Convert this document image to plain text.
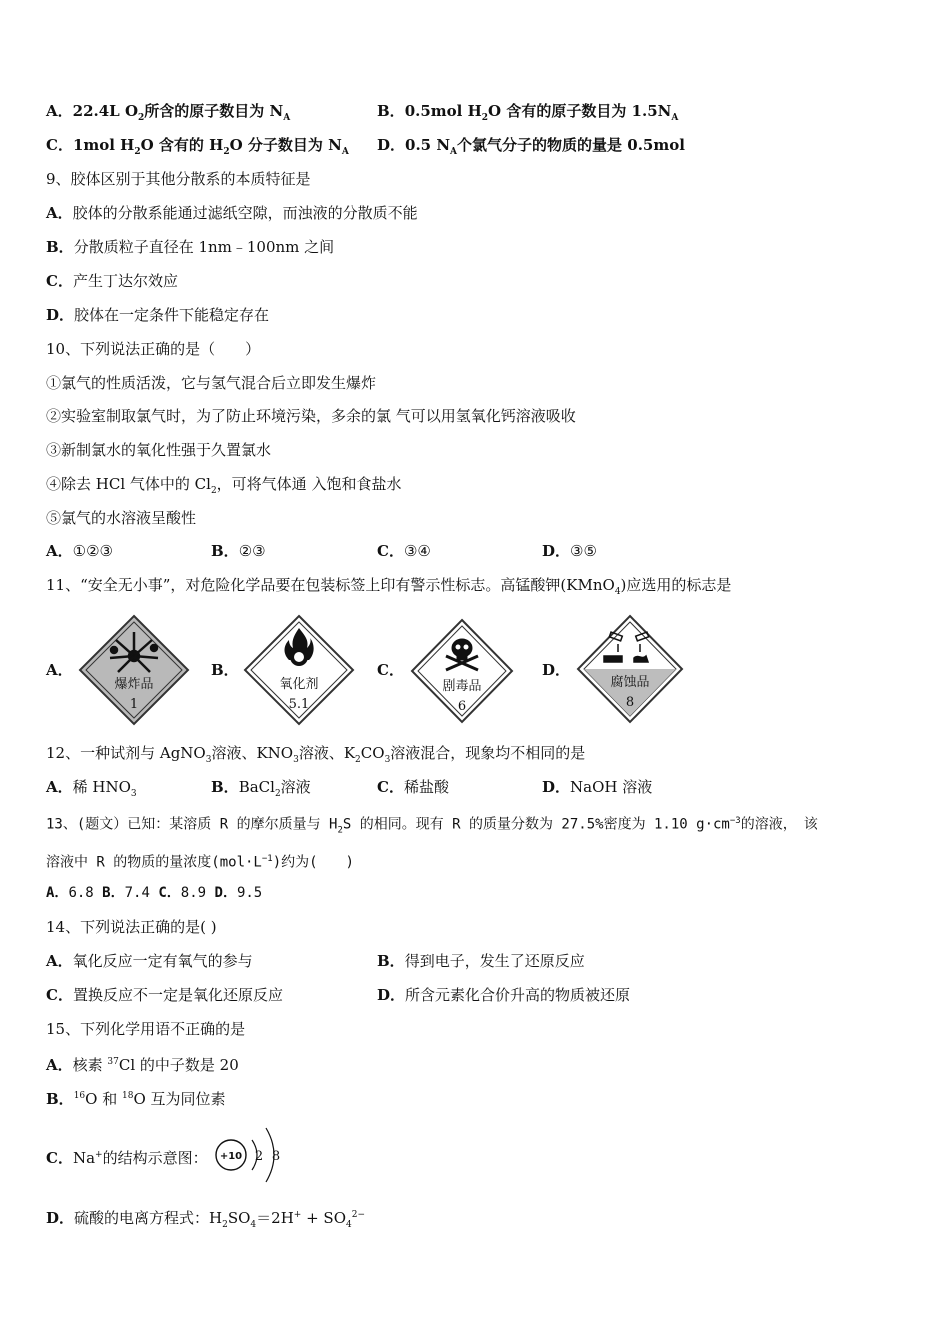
A．22.4L $O_2$所含的原子数目为 $N_A$	B．0.5mol $H_2O$ 含有的原子数目为 $1.5N_A$
C．1mol $H_2O$ 含有的 $H_2O$ 分子数目为 $N_A$ D．0.5 $N_A$个氯气分子的物质的量是 0.5mol
9、胶体区别于其他分散系的本质特征是
A．胶体的分散系能通过滤纸空隙，而浊液的分散质不能
B．分散质粒子直径在 1nm﹣100nm 之间
C．产生丁达尔效应
D．胶体在一定条件下能稳定存在
10、下列说法正确的是（　　）
①氯气的性质活泼，它与氢气混合后立即发生爆炸
②实验室制取氯气时，为了防止环境污染，多余的氯 气可以用氢氧化钙溶液吸收
③新制氯水的氧化性强于久置氯水
④除去 HCl 气体中的 $Cl_2$，可将气体通 入饱和食盐水
⑤氯气的水溶液呈酸性
A．①②③	B．②③	C．③④	D．③⑤
11、“安全无小事”，对危险化学品要在包装标签上印有警示性标志。高锰酸钾(KMnO$_4$)应选用的标志是
A．	B．	C．	D．
爆炸品
1
氧化剂
5.1
剧毒品
6
腐蚀品
8
12、一种试剂与 AgNO$_3$溶液、$KNO_3$溶液、$K_2CO_3$溶液混合，现象均不相同的是
A．稀 $HNO_3$	B．BaCl$_2$溶液	C．稀盐酸	D．NaOH 溶液
13、(题文）已知：某溶质 R 的摩尔质量与 $H_2S$ 的相同。现有 R 的质量分数为 27.5%密度为 1.10 $g\cdot cm^{-3}$的溶液，　该
溶液中 R 的物质的量浓度$(mol\cdot L^{-1})$约为(　　)
A．6.8 B．7.4 C．8.9 D．9.5
14、下列说法正确的是( )
A．氧化反应一定有氧气的参与	B．得到电子，发生了还原反应
C．置换反应不一定是氧化还原反应	D．所含元素化合价升高的物质被还原
15、下列化学用语不正确的是
A．核素 $^{37}$Cl 的中子数是 20
B．$^{16}$O 和 $^{18}$O 互为同位素
C．Na+的结构示意图： +10 2 8
D．硫酸的电离方程式：$H_2SO_4=2H^+ + SO_4^{2-}$
